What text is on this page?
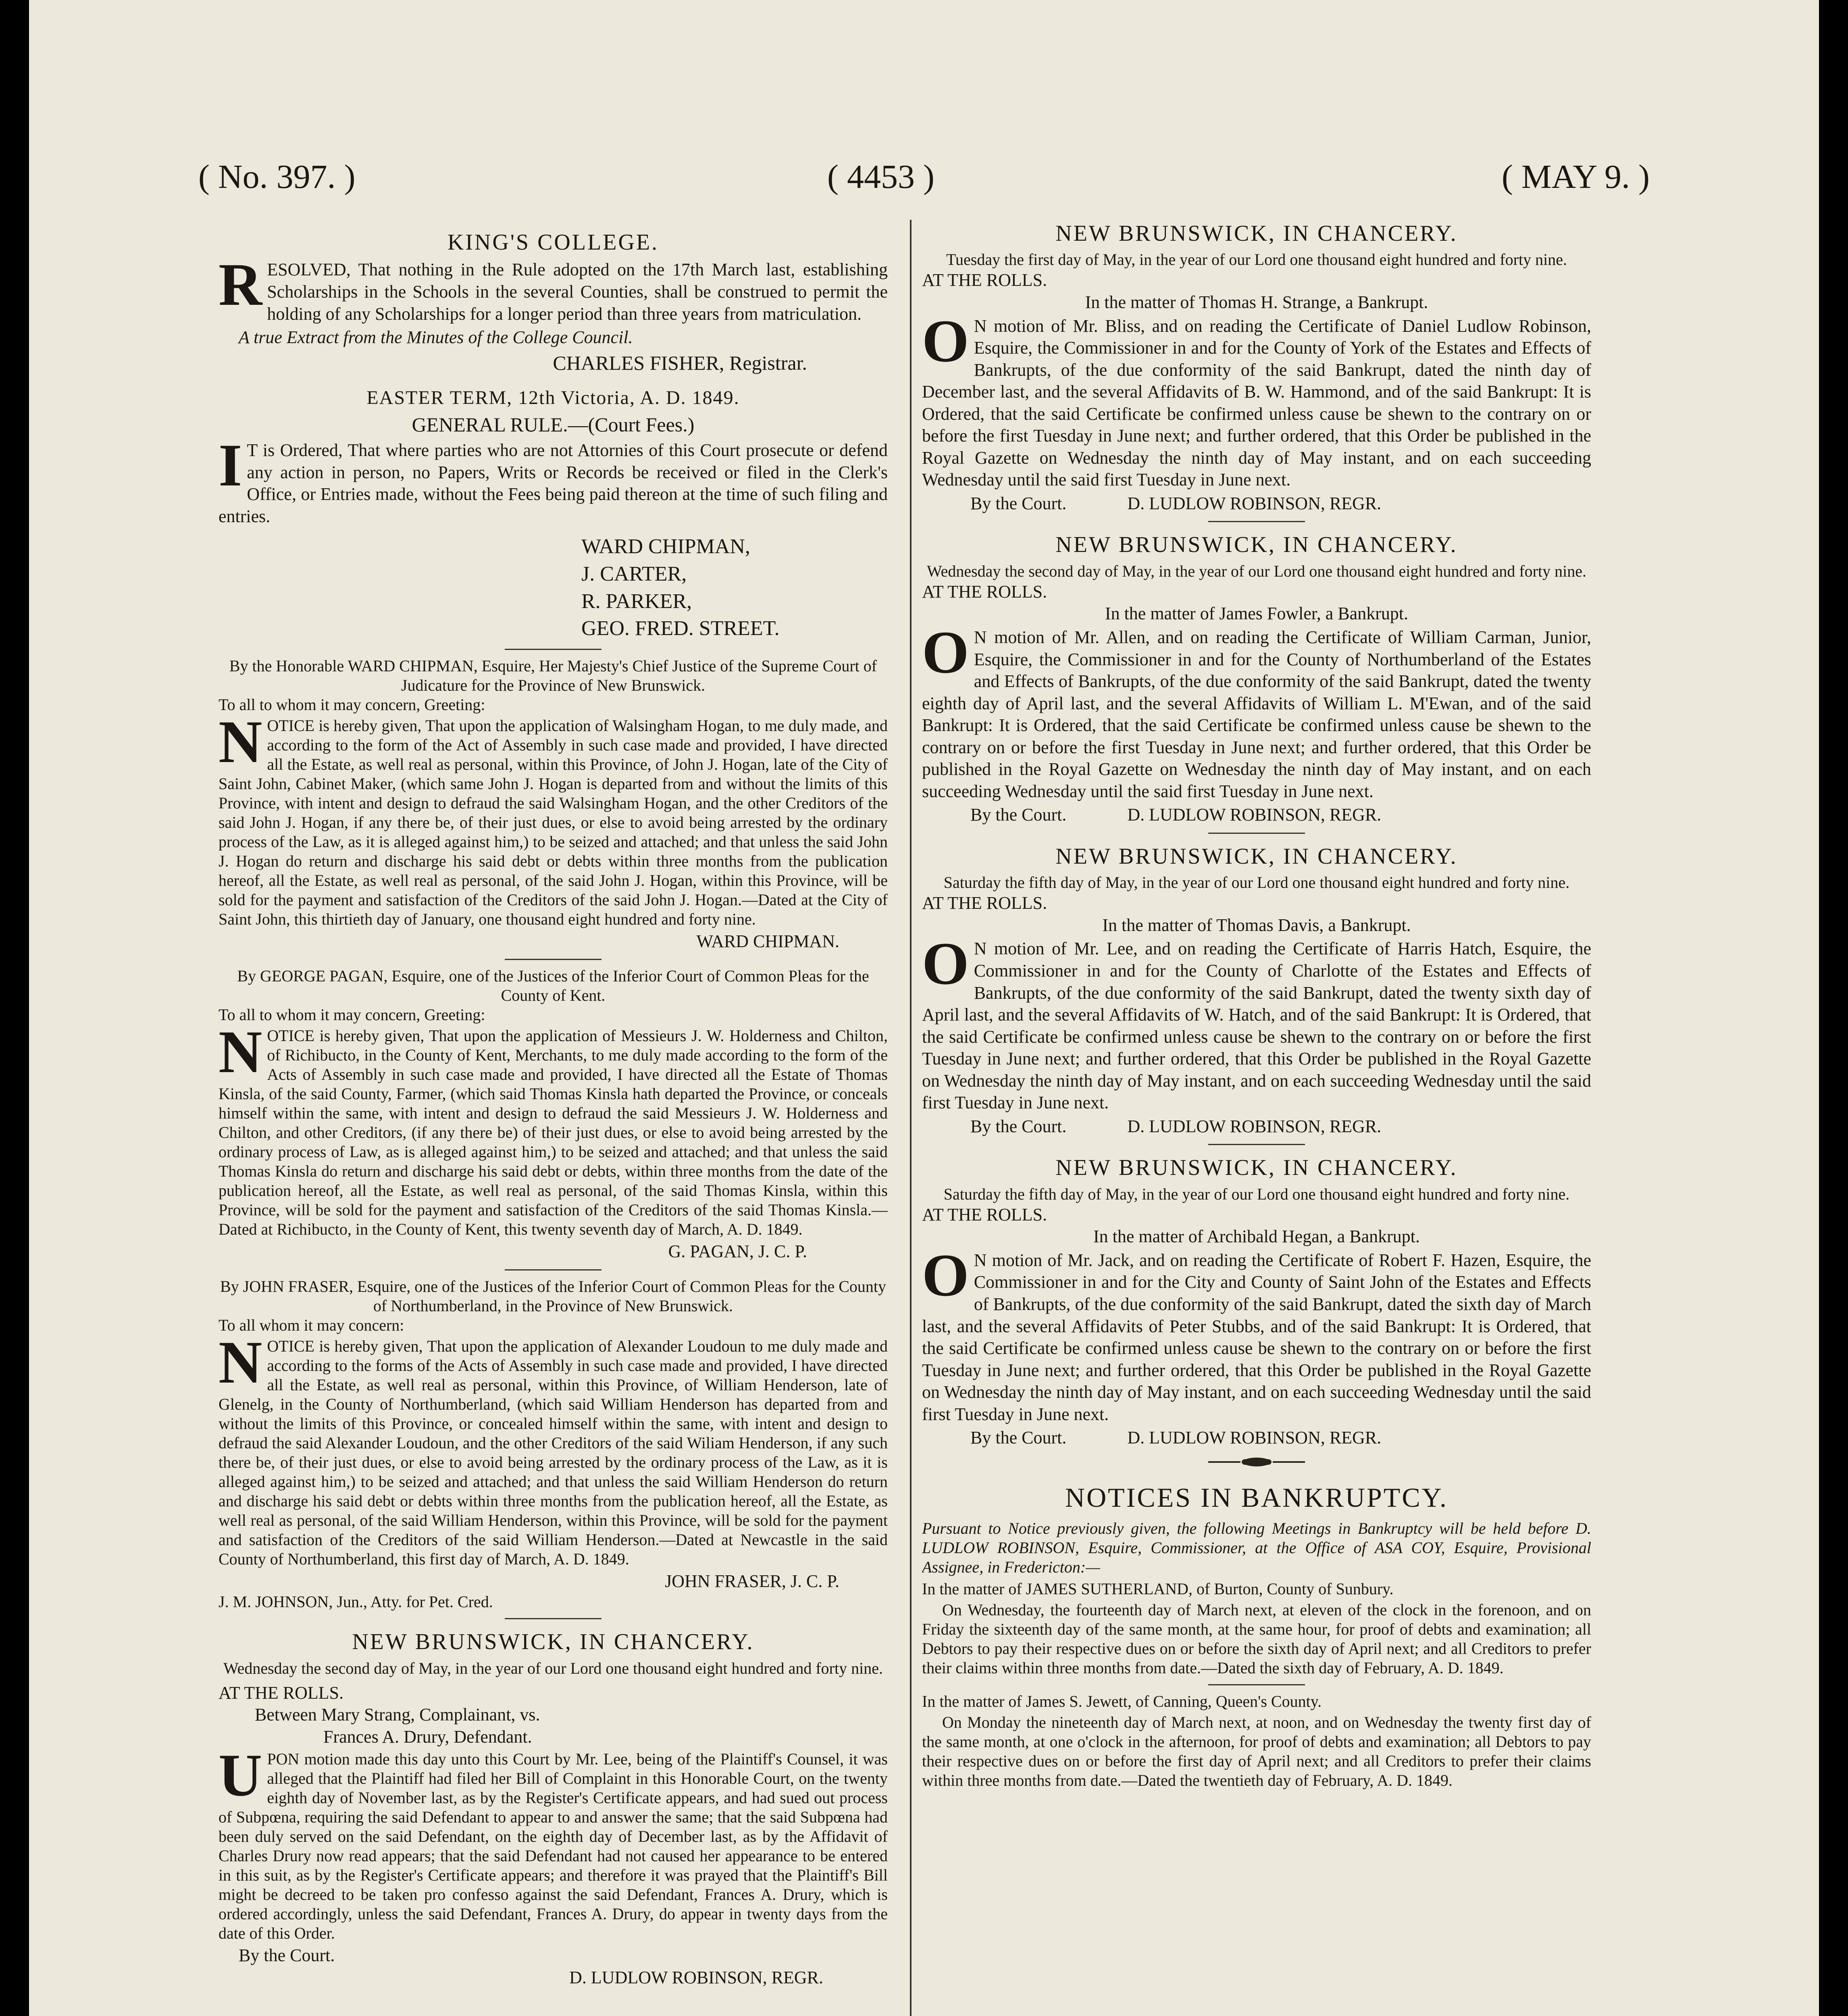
( No. 397. )	( 4453 )	( MAY 9. )
KING'S COLLEGE.

RESOLVED, That nothing in the Rule adopted on the 17th March last, establishing Scholarships in the Schools in the several Counties, shall be construed to permit the holding of any Scholarships for a longer period than three years from matriculation.

A true Extract from the Minutes of the College Council.

CHARLES FISHER, Registrar.
EASTER TERM, 12th Victoria, A. D. 1849.
GENERAL RULE.—(Court Fees.)

IT is Ordered, That where parties who are not Attornies of this Court prosecute or defend any action in person, no Papers, Writs or Records be received or filed in the Clerk's Office, or Entries made, without the Fees being paid thereon at the time of such filing and entries.

WARD CHIPMAN,
J. CARTER,
R. PARKER,
GEO. FRED. STREET.
By the Honorable WARD CHIPMAN, Esquire, Her Majesty's Chief Justice of the Supreme Court of Judicature for the Province of New Brunswick.
To all to whom it may concern, Greeting:

NOTICE is hereby given, That upon the application of Walsingham Hogan, to me duly made, and according to the form of the Act of Assembly in such case made and provided, I have directed all the Estate, as well real as personal, within this Province, of John J. Hogan, late of the City of Saint John, Cabinet Maker, (which same John J. Hogan is departed from and without the limits of this Province, with intent and design to defraud the said Walsingham Hogan, and the other Creditors of the said John J. Hogan, if any there be, of their just dues, or else to avoid being arrested by the ordinary process of the Law, as it is alleged against him,) to be seized and attached; and that unless the said John J. Hogan do return and discharge his said debt or debts within three months from the publication hereof, all the Estate, as well real as personal, of the said John J. Hogan, within this Province, will be sold for the payment and satisfaction of the Creditors of the said John J. Hogan.—Dated at the City of Saint John, this thirtieth day of January, one thousand eight hundred and forty nine.

WARD CHIPMAN.
By GEORGE PAGAN, Esquire, one of the Justices of the Inferior Court of Common Pleas for the County of Kent.
To all to whom it may concern, Greeting:

NOTICE is hereby given, That upon the application of Messieurs J. W. Holderness and Chilton, of Richibucto, in the County of Kent, Merchants, to me duly made according to the form of the Acts of Assembly in such case made and provided, I have directed all the Estate of Thomas Kinsla, of the said County, Farmer, (which said Thomas Kinsla hath departed the Province, or conceals himself within the same, with intent and design to defraud the said Messieurs J. W. Holderness and Chilton, and other Creditors, (if any there be) of their just dues, or else to avoid being arrested by the ordinary process of Law, as is alleged against him,) to be seized and attached; and that unless the said Thomas Kinsla do return and discharge his said debt or debts, within three months from the date of the publication hereof, all the Estate, as well real as personal, of the said Thomas Kinsla, within this Province, will be sold for the payment and satisfaction of the Creditors of the said Thomas Kinsla.—Dated at Richibucto, in the County of Kent, this twenty seventh day of March, A. D. 1849.

G. PAGAN, J. C. P.
By JOHN FRASER, Esquire, one of the Justices of the Inferior Court of Common Pleas for the County of Northumberland, in the Province of New Brunswick.
To all whom it may concern:

NOTICE is hereby given, That upon the application of Alexander Loudoun to me duly made and according to the forms of the Acts of Assembly in such case made and provided, I have directed all the Estate, as well real as personal, within this Province, of William Henderson, late of Glenelg, in the County of Northumberland, (which said William Henderson has departed from and without the limits of this Province, or concealed himself within the same, with intent and design to defraud the said Alexander Loudoun, and the other Creditors of the said Wiliam Henderson, if any such there be, of their just dues, or else to avoid being arrested by the ordinary process of the Law, as it is alleged against him,) to be seized and attached; and that unless the said William Henderson do return and discharge his said debt or debts within three months from the publication hereof, all the Estate, as well real as personal, of the said William Henderson, within this Province, will be sold for the payment and satisfaction of the Creditors of the said William Henderson.—Dated at Newcastle in the said County of Northumberland, this first day of March, A. D. 1849.

JOHN FRASER, J. C. P.
J. M. JOHNSON, Jun., Atty. for Pet. Cred.
NEW BRUNSWICK, IN CHANCERY.
Wednesday the second day of May, in the year of our Lord one thousand eight hundred and forty nine.
AT THE ROLLS.
Between Mary Strang, Complainant, vs.
Frances A. Drury, Defendant.

UPON motion made this day unto this Court by Mr. Lee, being of the Plaintiff's Counsel, it was alleged that the Plaintiff had filed her Bill of Complaint in this Honorable Court, on the twenty eighth day of November last, as by the Register's Certificate appears, and had sued out process of Subpœna, requiring the said Defendant to appear to and answer the same; that the said Subpœna had been duly served on the said Defendant, on the eighth day of December last, as by the Affidavit of Charles Drury now read appears; that the said Defendant had not caused her appearance to be entered in this suit, as by the Register's Certificate appears; and therefore it was prayed that the Plaintiff's Bill might be decreed to be taken pro confesso against the said Defendant, Frances A. Drury, which is ordered accordingly, unless the said Defendant, Frances A. Drury, do appear in twenty days from the date of this Order.

By the Court.
D. LUDLOW ROBINSON, REGR.
NEW BRUNSWICK, IN CHANCERY.
Tuesday the first day of May, in the year of our Lord one thousand eight hundred and forty nine.
AT THE ROLLS.
In the matter of Thomas H. Strange, a Bankrupt.

ON motion of Mr. Bliss, and on reading the Certificate of Daniel Ludlow Robinson, Esquire, the Commissioner in and for the County of York of the Estates and Effects of Bankrupts, of the due conformity of the said Bankrupt, dated the ninth day of December last, and the several Affidavits of B. W. Hammond, and of the said Bankrupt: It is Ordered, that the said Certificate be confirmed unless cause be shewn to the contrary on or before the first Tuesday in June next; and further ordered, that this Order be published in the Royal Gazette on Wednesday the ninth day of May instant, and on each succeeding Wednesday until the said first Tuesday in June next.

By the Court.	D. LUDLOW ROBINSON, REGR.
NEW BRUNSWICK, IN CHANCERY.
Wednesday the second day of May, in the year of our Lord one thousand eight hundred and forty nine.
AT THE ROLLS.
In the matter of James Fowler, a Bankrupt.

ON motion of Mr. Allen, and on reading the Certificate of William Carman, Junior, Esquire, the Commissioner in and for the County of Northumberland of the Estates and Effects of Bankrupts, of the due conformity of the said Bankrupt, dated the twenty eighth day of April last, and the several Affidavits of William L. M'Ewan, and of the said Bankrupt: It is Ordered, that the said Certificate be confirmed unless cause be shewn to the contrary on or before the first Tuesday in June next; and further ordered, that this Order be published in the Royal Gazette on Wednesday the ninth day of May instant, and on each succeeding Wednesday until the said first Tuesday in June next.

By the Court.	D. LUDLOW ROBINSON, REGR.
NEW BRUNSWICK, IN CHANCERY.
Saturday the fifth day of May, in the year of our Lord one thousand eight hundred and forty nine.
AT THE ROLLS.
In the matter of Thomas Davis, a Bankrupt.

ON motion of Mr. Lee, and on reading the Certificate of Harris Hatch, Esquire, the Commissioner in and for the County of Charlotte of the Estates and Effects of Bankrupts, of the due conformity of the said Bankrupt, dated the twenty sixth day of April last, and the several Affidavits of W. Hatch, and of the said Bankrupt: It is Ordered, that the said Certificate be confirmed unless cause be shewn to the contrary on or before the first Tuesday in June next; and further ordered, that this Order be published in the Royal Gazette on Wednesday the ninth day of May instant, and on each succeeding Wednesday until the said first Tuesday in June next.

By the Court.	D. LUDLOW ROBINSON, REGR.
NEW BRUNSWICK, IN CHANCERY.
Saturday the fifth day of May, in the year of our Lord one thousand eight hundred and forty nine.
AT THE ROLLS.
In the matter of Archibald Hegan, a Bankrupt.

ON motion of Mr. Jack, and on reading the Certificate of Robert F. Hazen, Esquire, the Commissioner in and for the City and County of Saint John of the Estates and Effects of Bankrupts, of the due conformity of the said Bankrupt, dated the sixth day of March last, and the several Affidavits of Peter Stubbs, and of the said Bankrupt: It is Ordered, that the said Certificate be confirmed unless cause be shewn to the contrary on or before the first Tuesday in June next; and further ordered, that this Order be published in the Royal Gazette on Wednesday the ninth day of May instant, and on each succeeding Wednesday until the said first Tuesday in June next.

By the Court.	D. LUDLOW ROBINSON, REGR.
NOTICES IN BANKRUPTCY.

Pursuant to Notice previously given, the following Meetings in Bankruptcy will be held before D. LUDLOW ROBINSON, Esquire, Commissioner, at the Office of ASA COY, Esquire, Provisional Assignee, in Fredericton:—

In the matter of JAMES SUTHERLAND, of Burton, County of Sunbury.

On Wednesday, the fourteenth day of March next, at eleven of the clock in the forenoon, and on Friday the sixteenth day of the same month, at the same hour, for proof of debts and examination; all Debtors to pay their respective dues on or before the sixth day of April next; and all Creditors to prefer their claims within three months from date.—Dated the sixth day of February, A. D. 1849.

In the matter of James S. Jewett, of Canning, Queen's County.

On Monday the nineteenth day of March next, at noon, and on Wednesday the twenty first day of the same month, at one o'clock in the afternoon, for proof of debts and examination; all Debtors to pay their respective dues on or before the first day of April next; and all Creditors to prefer their claims within three months from date.—Dated the twentieth day of February, A. D. 1849.
